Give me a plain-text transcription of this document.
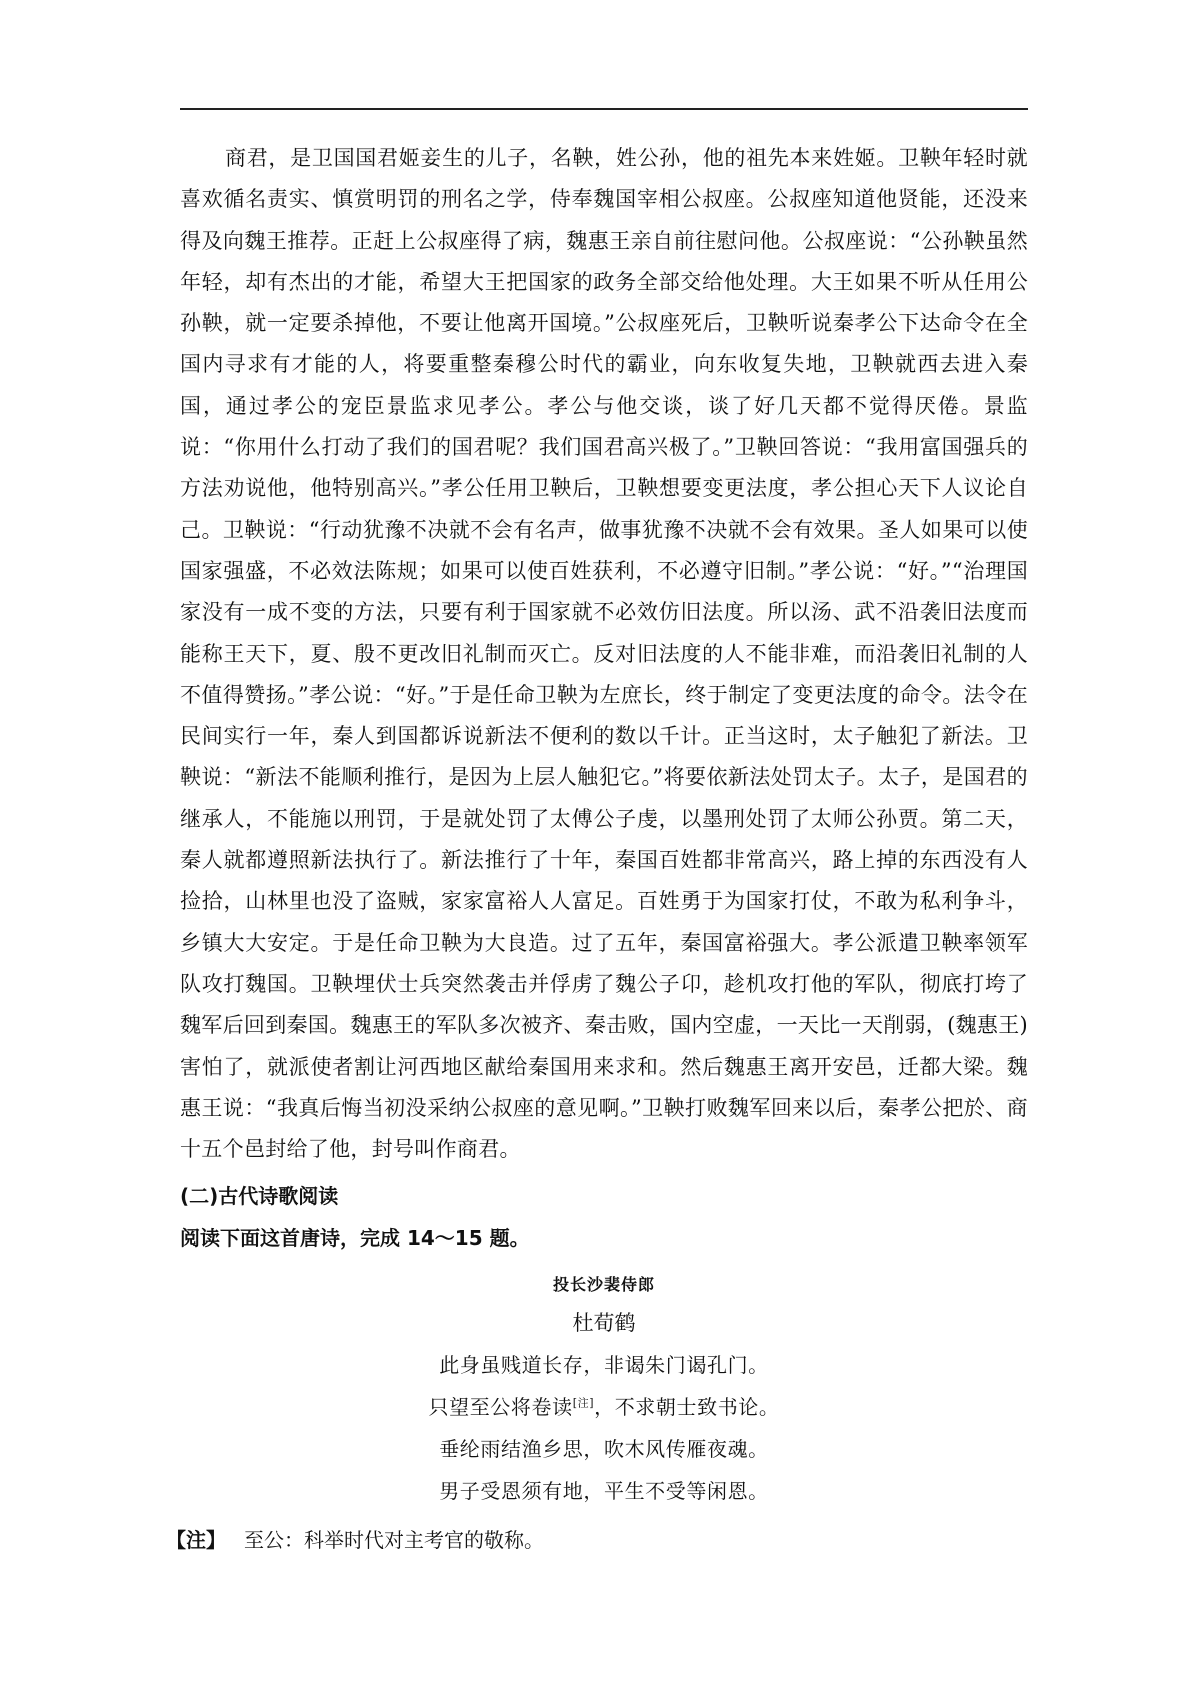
商君，是卫国国君姬妾生的儿子，名鞅，姓公孙，他的祖先本来姓姬。卫鞅年轻时就喜欢循名责实、慎赏明罚的刑名之学，侍奉魏国宰相公叔座。公叔座知道他贤能，还没来得及向魏王推荐。正赶上公叔座得了病，魏惠王亲自前往慰问他。公叔座说：“公孙鞅虽然年轻，却有杰出的才能，希望大王把国家的政务全部交给他处理。大王如果不听从任用公孙鞅，就一定要杀掉他，不要让他离开国境。”公叔座死后，卫鞅听说秦孝公下达命令在全国内寻求有才能的人，将要重整秦穆公时代的霸业，向东收复失地，卫鞅就西去进入秦国，通过孝公的宠臣景监求见孝公。孝公与他交谈，谈了好几天都不觉得厌倦。景监说：“你用什么打动了我们的国君呢？我们国君高兴极了。”卫鞅回答说：“我用富国强兵的方法劝说他，他特别高兴。”孝公任用卫鞅后，卫鞅想要变更法度，孝公担心天下人议论自己。卫鞅说：“行动犹豫不决就不会有名声，做事犹豫不决就不会有效果。圣人如果可以使国家强盛，不必效法陈规；如果可以使百姓获利，不必遵守旧制。”孝公说：“好。”“治理国家没有一成不变的方法，只要有利于国家就不必效仿旧法度。所以汤、武不沿袭旧法度而能称王天下，夏、殷不更改旧礼制而灭亡。反对旧法度的人不能非难，而沿袭旧礼制的人不值得赞扬。”孝公说：“好。”于是任命卫鞅为左庶长，终于制定了变更法度的命令。法令在民间实行一年，秦人到国都诉说新法不便利的数以千计。正当这时，太子触犯了新法。卫鞅说：“新法不能顺利推行，是因为上层人触犯它。”将要依新法处罚太子。太子，是国君的继承人，不能施以刑罚，于是就处罚了太傅公子虔，以墨刑处罚了太师公孙贾。第二天，秦人就都遵照新法执行了。新法推行了十年，秦国百姓都非常高兴，路上掉的东西没有人捡拾，山林里也没了盗贼，家家富裕人人富足。百姓勇于为国家打仗，不敢为私利争斗，乡镇大大安定。于是任命卫鞅为大良造。过了五年，秦国富裕强大。孝公派遣卫鞅率领军队攻打魏国。卫鞅埋伏士兵突然袭击并俘虏了魏公子卬，趁机攻打他的军队，彻底打垮了魏军后回到秦国。魏惠王的军队多次被齐、秦击败，国内空虚，一天比一天削弱，(魏惠王)害怕了，就派使者割让河西地区献给秦国用来求和。然后魏惠王离开安邑，迁都大梁。魏惠王说：“我真后悔当初没采纳公叔座的意见啊。”卫鞅打败魏军回来以后，秦孝公把於、商十五个邑封给了他，封号叫作商君。

(二)古代诗歌阅读
阅读下面这首唐诗，完成 14～15 题。
投长沙裴侍郎
杜荀鹤
此身虽贱道长存，非谒朱门谒孔门。
只望至公将卷读[注]，不求朝士致书论。
垂纶雨结渔乡思，吹木风传雁夜魂。
男子受恩须有地，平生不受等闲恩。
【注】 至公：科举时代对主考官的敬称。
